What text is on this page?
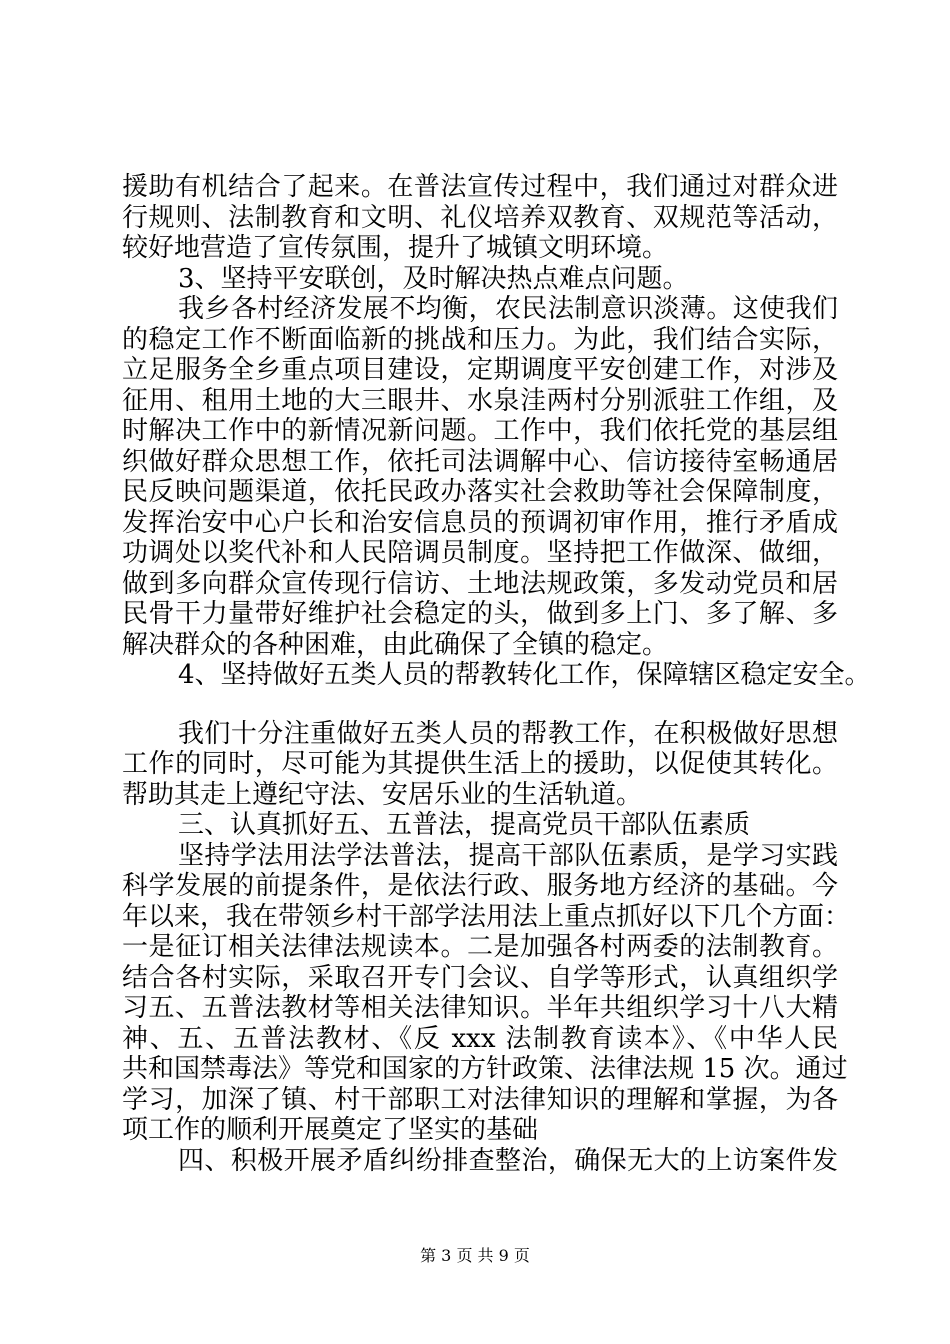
援助有机结合了起来。在普法宣传过程中，我们通过对群众进
行规则、法制教育和文明、礼仪培养双教育、双规范等活动，
较好地营造了宣传氛围，提升了城镇文明环境。
3、坚持平安联创，及时解决热点难点问题。
我乡各村经济发展不均衡，农民法制意识淡薄。这使我们
的稳定工作不断面临新的挑战和压力。为此，我们结合实际，
立足服务全乡重点项目建设，定期调度平安创建工作，对涉及
征用、租用土地的大三眼井、水泉洼两村分别派驻工作组，及
时解决工作中的新情况新问题。工作中，我们依托党的基层组
织做好群众思想工作，依托司法调解中心、信访接待室畅通居
民反映问题渠道，依托民政办落实社会救助等社会保障制度，
发挥治安中心户长和治安信息员的预调初审作用，推行矛盾成
功调处以奖代补和人民陪调员制度。坚持把工作做深、做细，
做到多向群众宣传现行信访、土地法规政策，多发动党员和居
民骨干力量带好维护社会稳定的头，做到多上门、多了解、多
解决群众的各种困难，由此确保了全镇的稳定。
4、坚持做好五类人员的帮教转化工作，保障辖区稳定安全。
我们十分注重做好五类人员的帮教工作，在积极做好思想
工作的同时，尽可能为其提供生活上的援助，以促使其转化。
帮助其走上遵纪守法、安居乐业的生活轨道。
三、认真抓好五、五普法，提高党员干部队伍素质
坚持学法用法学法普法，提高干部队伍素质，是学习实践
科学发展的前提条件，是依法行政、服务地方经济的基础。今
年以来，我在带领乡村干部学法用法上重点抓好以下几个方面：
一是征订相关法律法规读本。二是加强各村两委的法制教育。
结合各村实际，采取召开专门会议、自学等形式，认真组织学
习五、五普法教材等相关法律知识。半年共组织学习十八大精
神、五、五普法教材、《反 xxx 法制教育读本》、《中华人民
共和国禁毒法》等党和国家的方针政策、法律法规 15 次。通过
学习，加深了镇、村干部职工对法律知识的理解和掌握，为各
项工作的顺利开展奠定了坚实的基础
四、积极开展矛盾纠纷排查整治，确保无大的上访案件发
第 3 页 共 9 页
